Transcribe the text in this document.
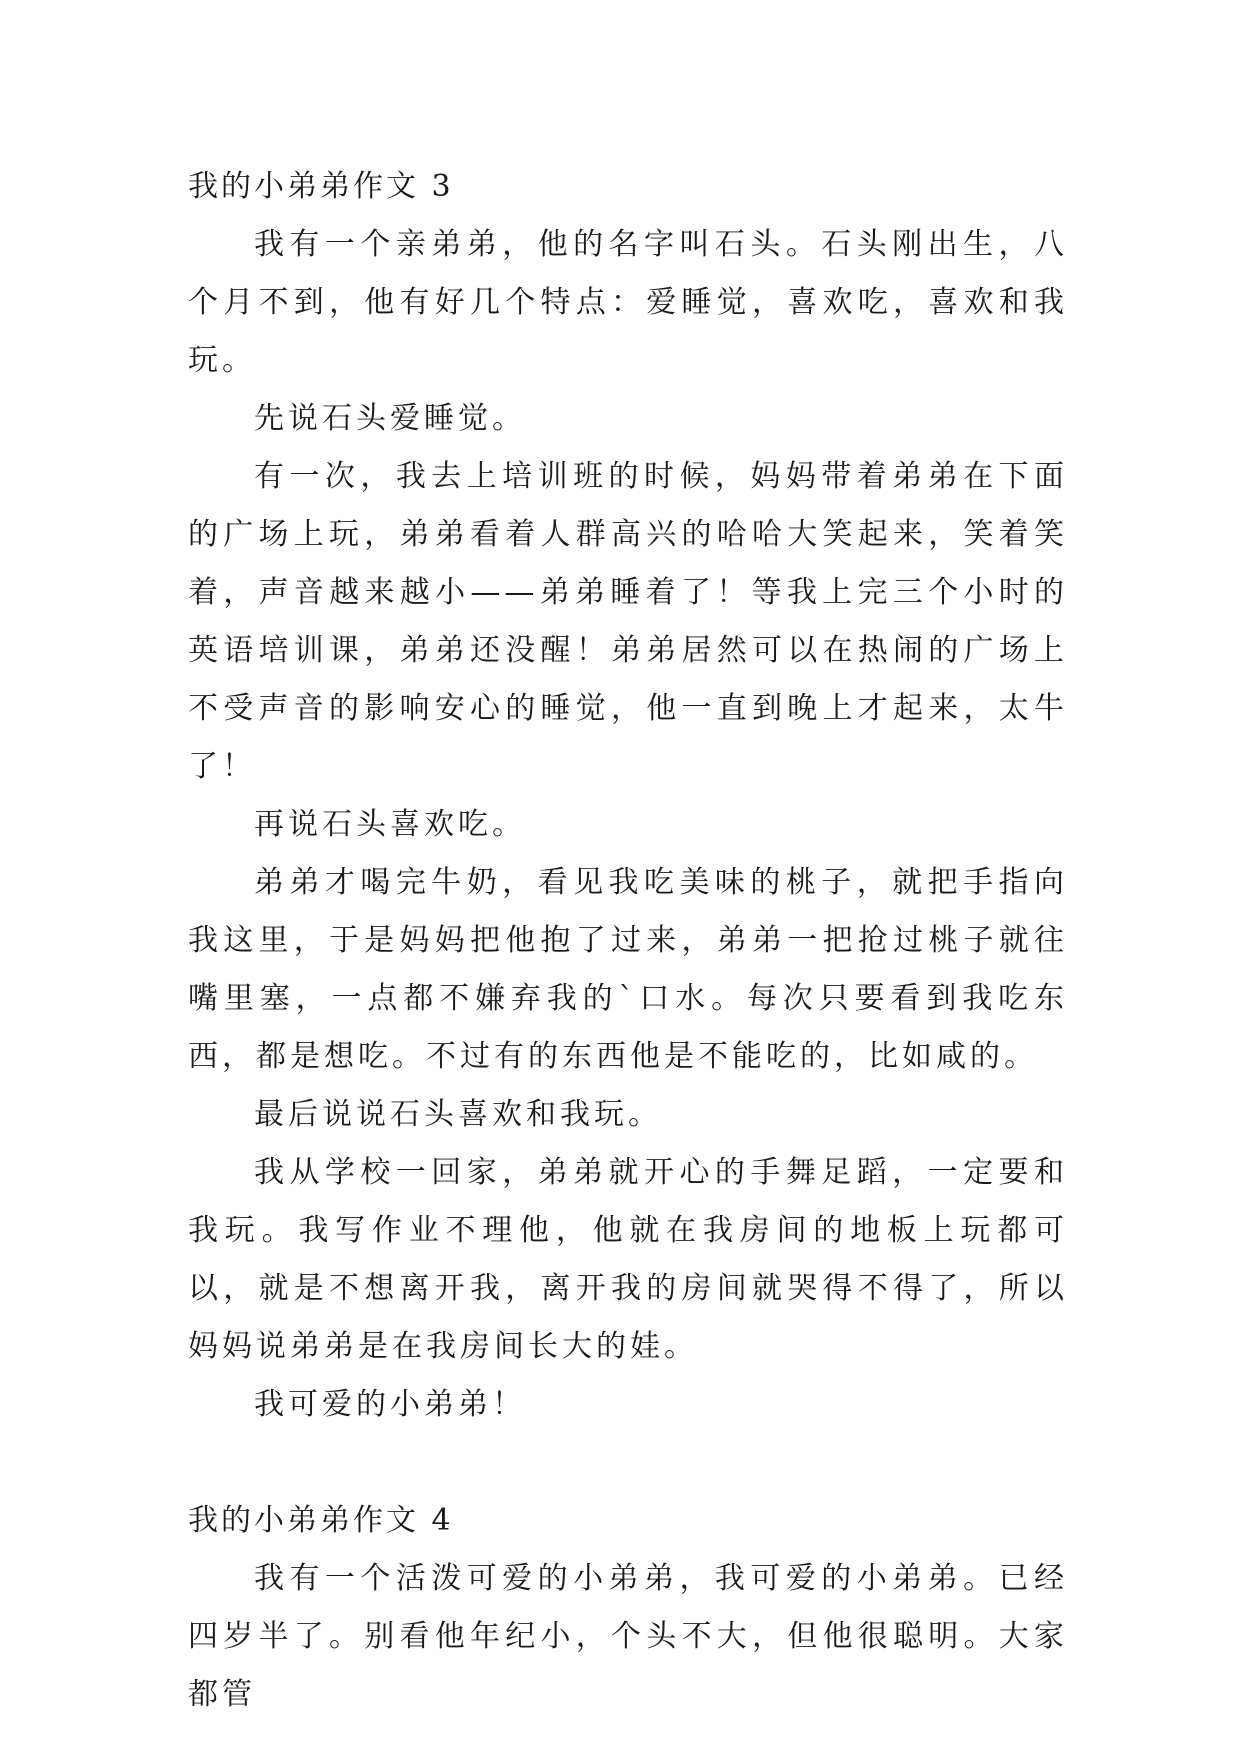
我的小弟弟作文 3

我有一个亲弟弟，他的名字叫石头。石头刚出生，八个月不到，他有好几个特点：爱睡觉，喜欢吃，喜欢和我玩。

先说石头爱睡觉。

有一次，我去上培训班的时候，妈妈带着弟弟在下面的广场上玩，弟弟看着人群高兴的哈哈大笑起来，笑着笑着，声音越来越小——弟弟睡着了！等我上完三个小时的英语培训课，弟弟还没醒！弟弟居然可以在热闹的广场上不受声音的影响安心的睡觉，他一直到晚上才起来，太牛了！

再说石头喜欢吃。

弟弟才喝完牛奶，看见我吃美味的桃子，就把手指向我这里，于是妈妈把他抱了过来，弟弟一把抢过桃子就往嘴里塞，一点都不嫌弃我的`口水。每次只要看到我吃东西，都是想吃。不过有的东西他是不能吃的，比如咸的。

最后说说石头喜欢和我玩。

我从学校一回家，弟弟就开心的手舞足蹈，一定要和我玩。我写作业不理他，他就在我房间的地板上玩都可以，就是不想离开我，离开我的房间就哭得不得了，所以妈妈说弟弟是在我房间长大的娃。

我可爱的小弟弟！

我的小弟弟作文 4

我有一个活泼可爱的小弟弟，我可爱的小弟弟。已经四岁半了。别看他年纪小，个头不大，但他很聪明。大家都管
